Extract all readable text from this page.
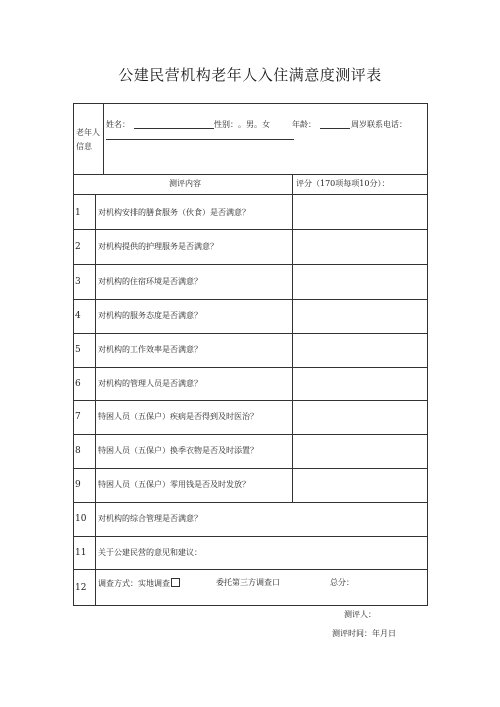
公建民营机构老年人入住满意度测评表
老年人信息
姓名：	性别： 。男。女	年龄：	周岁联系电话：
测评内容	评分（170项每项10分）：
1 对机构安排的膳食服务（伙食）是否满意？
2 对机构提供的护理服务是否满意？
3 对机构的住宿环境是否满意？
4 对机构的服务态度是否满意？
5 对机构的工作效率是否满意？
6 对机构的管理人员是否满意？
7 特困人员（五保户）疾病是否得到及时医治？
8 特困人员（五保户）换季衣物是否及时添置？
9 特困人员（五保户）零用钱是否及时发放？
10 对机构的综合管理是否满意？
11 关于公建民营的意见和建议：
12 调查方式：实地调查	委托第三方调查口	总分：
测评人：
测评时间：年月日
